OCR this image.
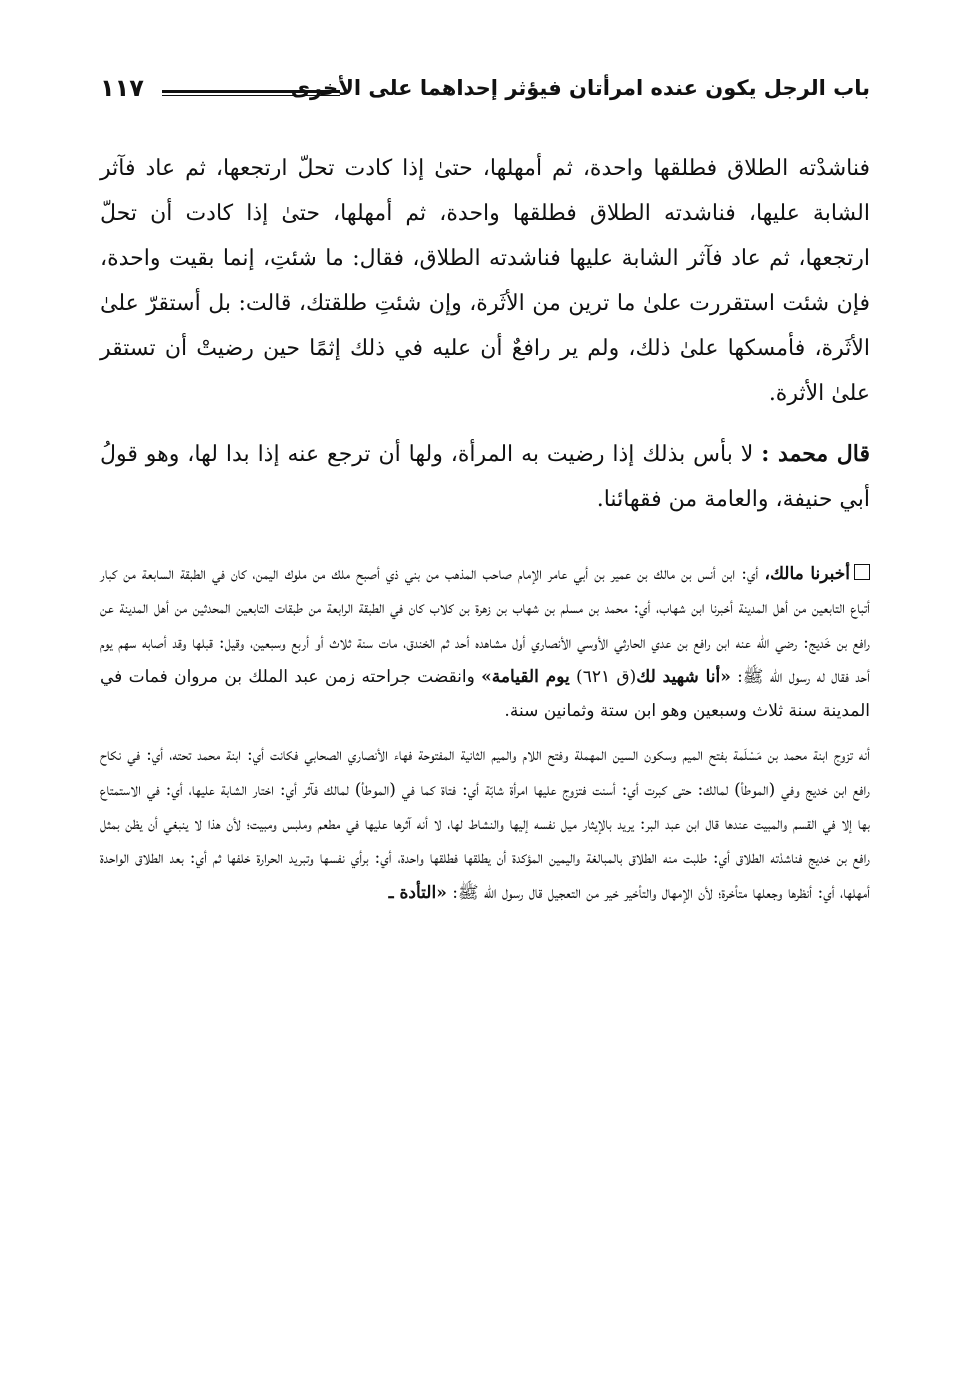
باب الرجل يكون عنده امرأتان فيؤثر إحداهما على الأخرى
١١٧

فناشدْته الطلاق فطلقها واحدة، ثم أمهلها، حتىٰ إذا كادت تحلّ ارتجعها، ثم عاد فآثر الشابة عليها، فناشدته الطلاق فطلقها واحدة، ثم أمهلها، حتىٰ إذا كادت أن تحلّ ارتجعها، ثم عاد فآثر الشابة عليها فناشدته الطلاق، فقال: ما شئتِ، إنما بقيت واحدة، فإن شئت استقررت علىٰ ما ترين من الأثَرة، وإن شئتِ طلقتك، قالت: بل أستقرّ علىٰ الأثَرة، فأمسكها علىٰ ذلك، ولم ير رافعٌ أن عليه في ذلك إثمًا حين رضيتْ أن تستقر علىٰ الأثرة.

قال محمد : لا بأس بذلك إذا رضيت به المرأة، ولها أن ترجع عنه إذا بدا لها، وهو قولُ أبي حنيفة، والعامة من فقهائنا.

أخبرنا مالك، أي: ابن أنس بن مالك بن عمير بن أبي عامر الإمام صاحب المذهب من بني ذي أصبح ملك من ملوك اليمن، كان في الطبقة السابعة من كبار أتباع التابعين من أهل المدينة أخبرنا ابن شهاب، أي: محمد بن مسلم بن شهاب بن زهرة بن كلاب كان في الطبقة الرابعة من طبقات التابعين المحدثين من أهل المدينة عن رافع بن خَديج: رضي الله عنه ابن رافع بن عدي الحارثي الأوسي الأنصاري أول مشاهده أحد ثم الخندق، مات سنة ثلاث أو أربع وسبعين، وقيل: قبلها وقد أصابه سهم يوم أحد فقال له رسول الله ﷺ: «أنا شهيد لك(ق ٦٢١) يوم القيامة» وانقضت جراحته زمن عبد الملك بن مروان فمات في المدينة سنة ثلاث وسبعين وهو ابن ستة وثمانين سنة.

أنه تزوج ابنة محمد بن مَسْلَمة بفتح الميم وسكون السين المهملة وفتح اللام والميم الثانية المفتوحة فهاء الأنصاري الصحابي فكانت أي: ابنة محمد تحته، أي: في نكاح رافع ابن خديج وفي (الموطأ) لمالك: حتى كبرت أي: أسنت فتزوج عليها امرأة شابّة أي: فتاة كما في (الموطأ) لمالك فآثر أي: اختار الشابة عليها، أي: في الاستمتاع بها إلا في القسم والمبيت عندها قال ابن عبد البر: يريد بالإيثار ميل نفسه إليها والنشاط لها، لا أنه آثرها عليها في مطعم وملبس ومبيت؛ لأن هذا لا ينبغي أن يظن بمثل رافع بن خديج فناشدْته الطلاق أي: طلبت منه الطلاق بالمبالغة واليمين المؤكدة أن يطلقها فطلقها واحدة، أي: برأي نفسها وتبريد الحرارة خلفها ثم أي: بعد الطلاق الواحدة أمهلها، أي: أنظرها وجعلها متأخرة؛ لأن الإمهال والتأخير خير من التعجيل قال رسول الله ﷺ: «التأدة ـ
